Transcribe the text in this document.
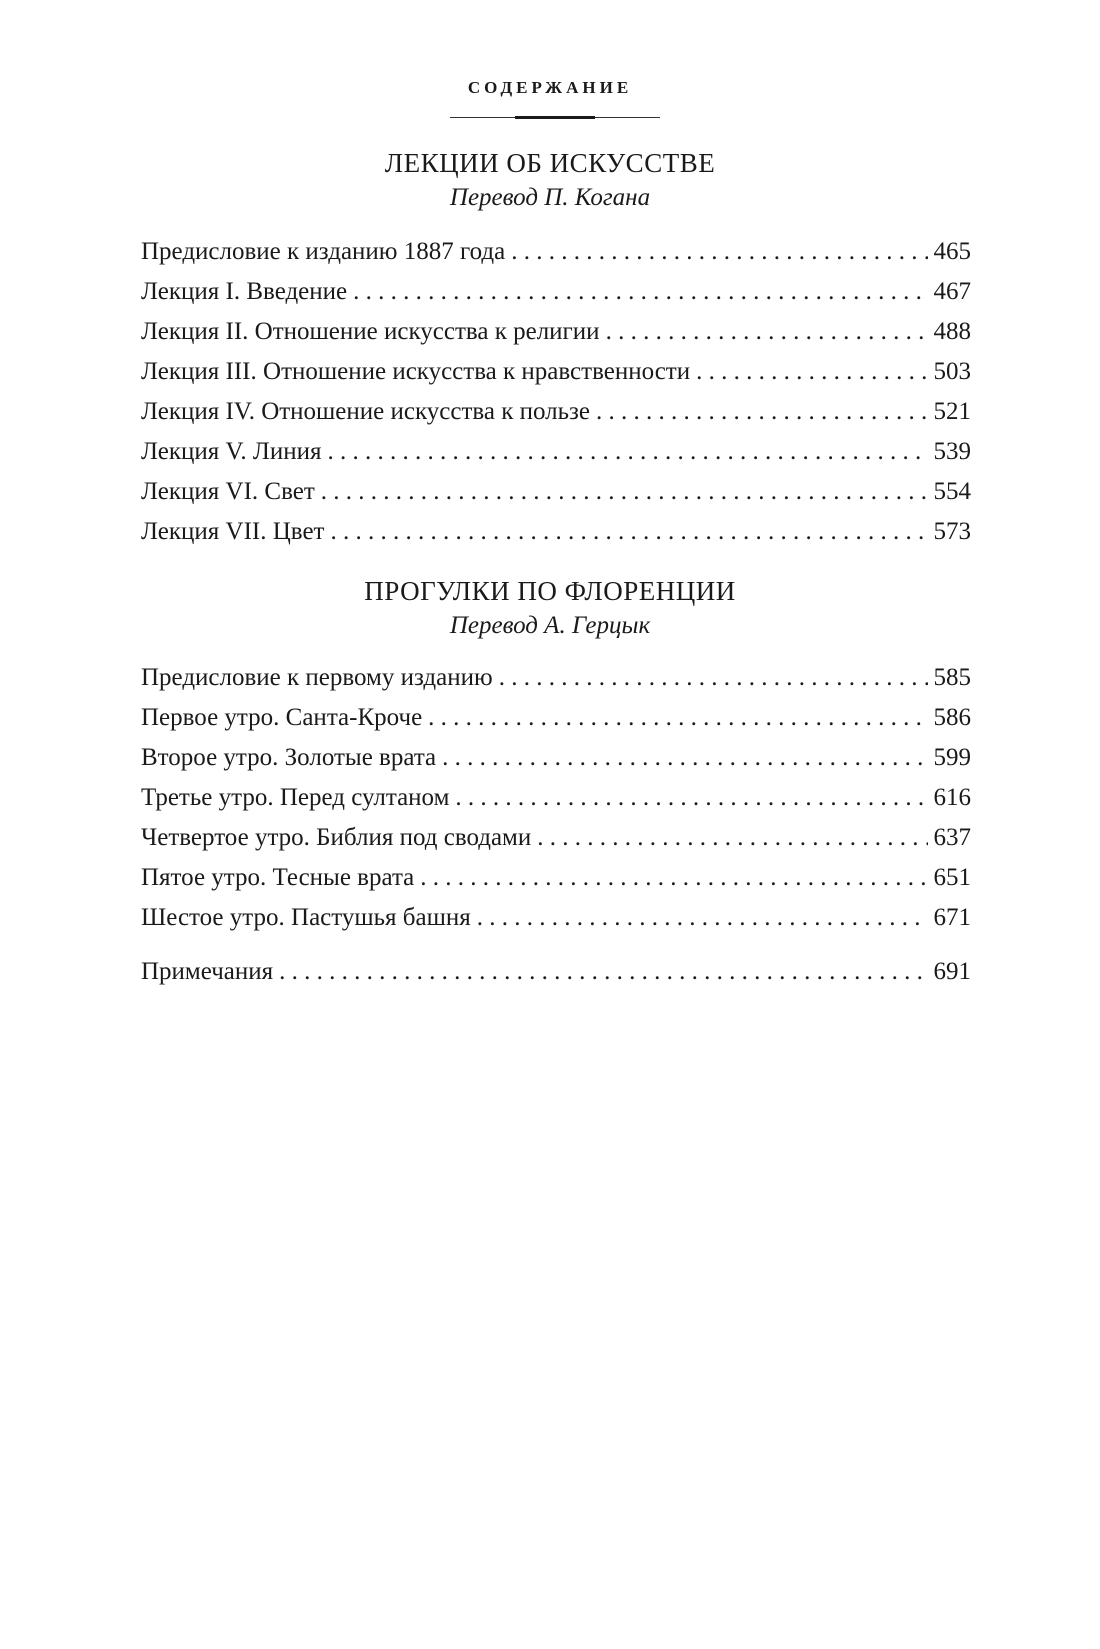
СОДЕРЖАНИЕ
ЛЕКЦИИ ОБ ИСКУССТВЕ
Перевод П. Когана
Предисловие к изданию 1887 года . . .	465
Лекция I. Введение . . .	467
Лекция II. Отношение искусства к религии . . .	488
Лекция III. Отношение искусства к нравственности . . .	503
Лекция IV. Отношение искусства к пользе . . .	521
Лекция V. Линия . . .	539
Лекция VI. Свет . . .	554
Лекция VII. Цвет . . .	573
ПРОГУЛКИ ПО ФЛОРЕНЦИИ
Перевод А. Герцык
Предисловие к первому изданию . . .	585
Первое утро. Санта-Кроче . . .	586
Второе утро. Золотые врата . . .	599
Третье утро. Перед султаном . . .	616
Четвертое утро. Библия под сводами . . .	637
Пятое утро. Тесные врата . . .	651
Шестое утро. Пастушья башня . . .	671
Примечания . . .	691
